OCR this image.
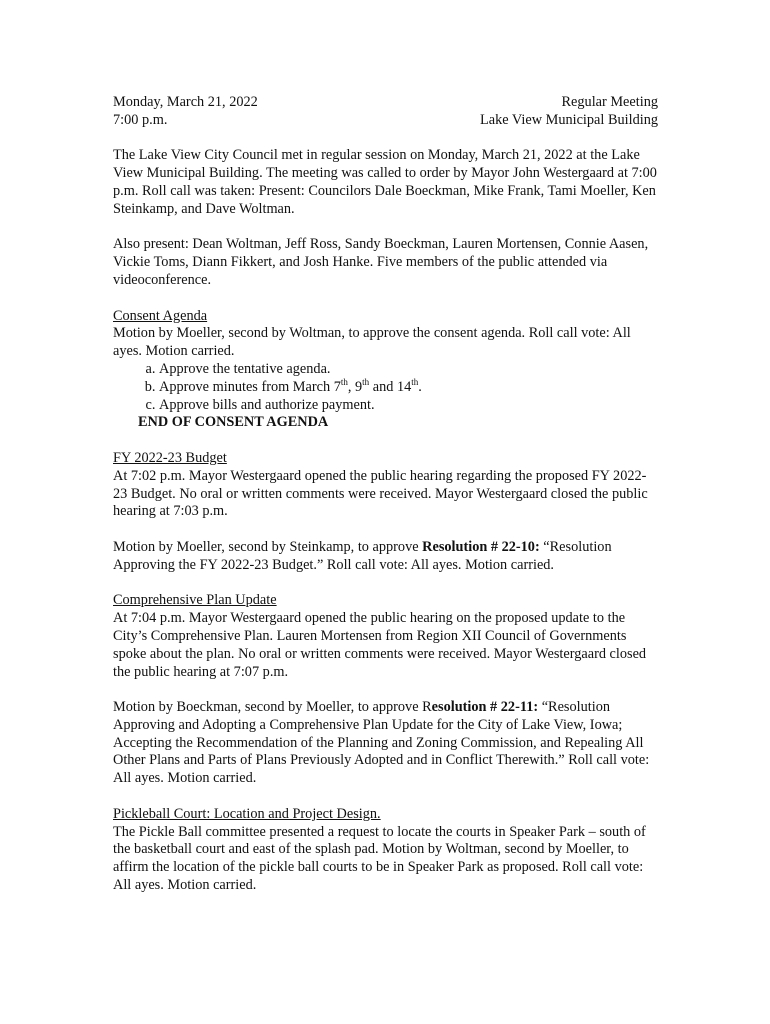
Monday, March 21, 2022	Regular Meeting
7:00 p.m.	Lake View Municipal Building

The Lake View City Council met in regular session on Monday, March 21, 2022 at the Lake View Municipal Building. The meeting was called to order by Mayor John Westergaard at 7:00 p.m. Roll call was taken: Present: Councilors Dale Boeckman, Mike Frank, Tami Moeller, Ken Steinkamp, and Dave Woltman.

Also present: Dean Woltman, Jeff Ross, Sandy Boeckman, Lauren Mortensen, Connie Aasen, Vickie Toms, Diann Fikkert, and Josh Hanke. Five members of the public attended via videoconference.

Consent Agenda

Motion by Moeller, second by Woltman, to approve the consent agenda. Roll call vote: All ayes. Motion carried.

a. Approve the tentative agenda.
b. Approve minutes from March 7th, 9th and 14th.
c. Approve bills and authorize payment.

END OF CONSENT AGENDA

FY 2022-23 Budget

At 7:02 p.m. Mayor Westergaard opened the public hearing regarding the proposed FY 2022-23 Budget. No oral or written comments were received. Mayor Westergaard closed the public hearing at 7:03 p.m.

Motion by Moeller, second by Steinkamp, to approve Resolution # 22-10: “Resolution Approving the FY 2022-23 Budget.” Roll call vote: All ayes. Motion carried.

Comprehensive Plan Update

At 7:04 p.m. Mayor Westergaard opened the public hearing on the proposed update to the City’s Comprehensive Plan. Lauren Mortensen from Region XII Council of Governments spoke about the plan. No oral or written comments were received. Mayor Westergaard closed the public hearing at 7:07 p.m.

Motion by Boeckman, second by Moeller, to approve Resolution # 22-11: “Resolution Approving and Adopting a Comprehensive Plan Update for the City of Lake View, Iowa; Accepting the Recommendation of the Planning and Zoning Commission, and Repealing All Other Plans and Parts of Plans Previously Adopted and in Conflict Therewith.” Roll call vote: All ayes. Motion carried.

Pickleball Court: Location and Project Design.

The Pickle Ball committee presented a request to locate the courts in Speaker Park – south of the basketball court and east of the splash pad. Motion by Woltman, second by Moeller, to affirm the location of the pickle ball courts to be in Speaker Park as proposed. Roll call vote: All ayes. Motion carried.
